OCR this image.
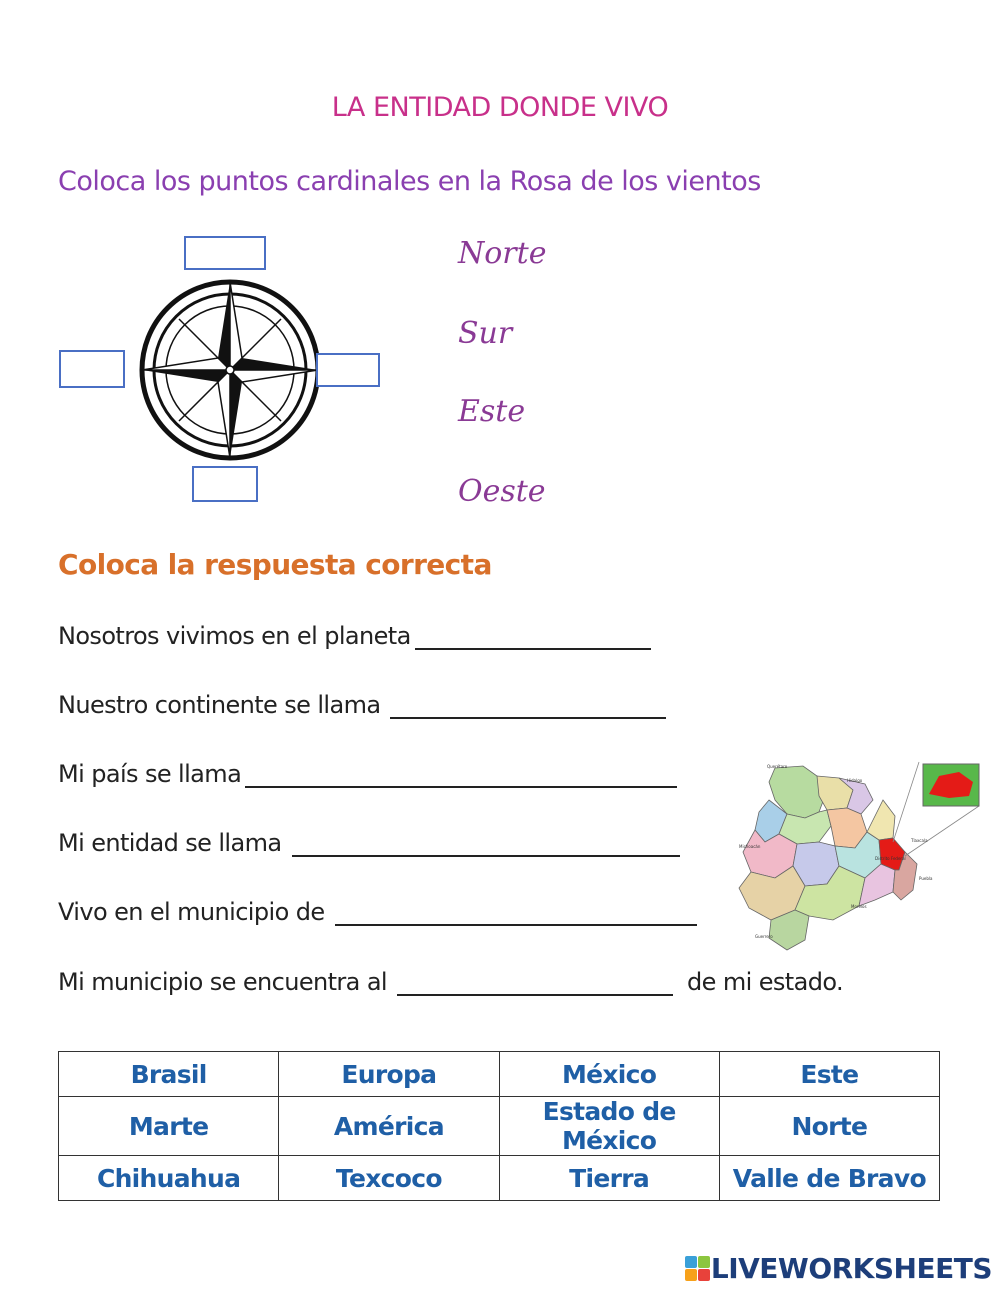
LA ENTIDAD DONDE VIVO
Coloca los puntos cardinales en la Rosa de los vientos
Norte
Sur
Este
Oeste
Coloca la respuesta correcta
Nosotros vivimos en el planeta
Nuestro continente se llama
Mi país se llama
Mi entidad se llama
Vivo en el municipio de
Mi municipio se encuentra al	de mi estado.
Querétaro
Hidalgo
Tlaxcala
Michoacán
Distrito Federal
Puebla
Morelos
Guerrero
Brasil	Europa	México	Este
Marte	América	Estado de México	Norte
Chihuahua	Texcoco	Tierra	Valle de Bravo
LIVEWORKSHEETS
